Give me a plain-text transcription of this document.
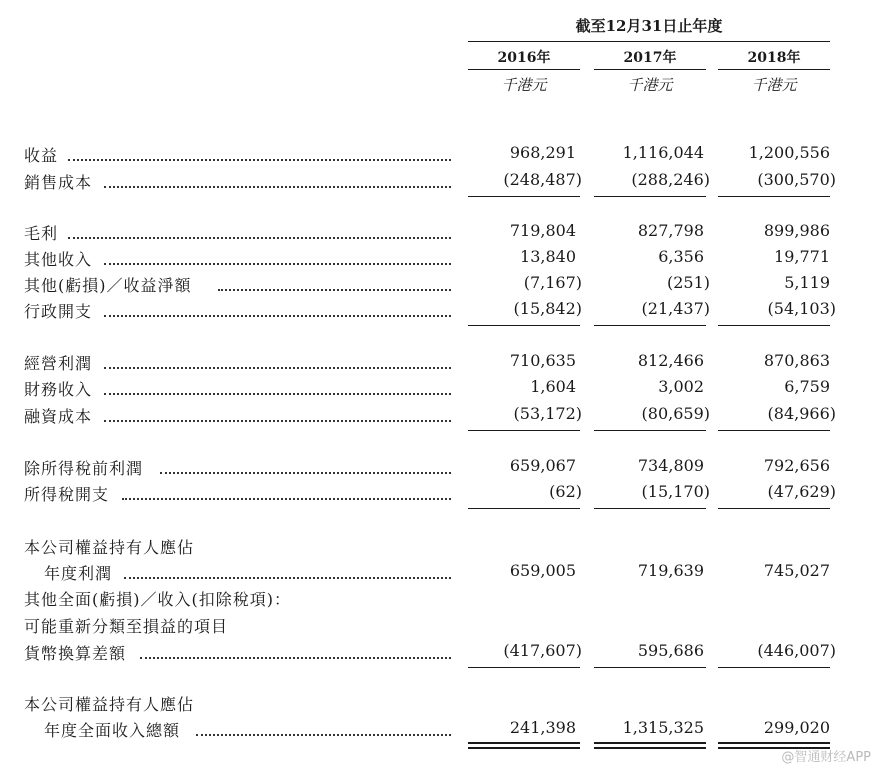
截至12月31日止年度
2016年	2017年	2018年
千港元	千港元	千港元
收益	968,291	1,116,044	1,200,556
銷售成本	(248,487)	(288,246)	(300,570)
毛利	719,804	827,798	899,986
其他收入	13,840	6,356	19,771
其他(虧損)／收益淨額	(7,167)	(251)	5,119
行政開支	(15,842)	(21,437)	(54,103)
經營利潤	710,635	812,466	870,863
財務收入	1,604	3,002	6,759
融資成本	(53,172)	(80,659)	(84,966)
除所得稅前利潤	659,067	734,809	792,656
所得稅開支	(62)	(15,170)	(47,629)
本公司權益持有人應佔
年度利潤	659,005	719,639	745,027
其他全面(虧損)／收入(扣除稅項)：
可能重新分類至損益的項目
貨幣換算差額	(417,607)	595,686	(446,007)
本公司權益持有人應佔
年度全面收入總額	241,398	1,315,325	299,020
@智通财经APP
